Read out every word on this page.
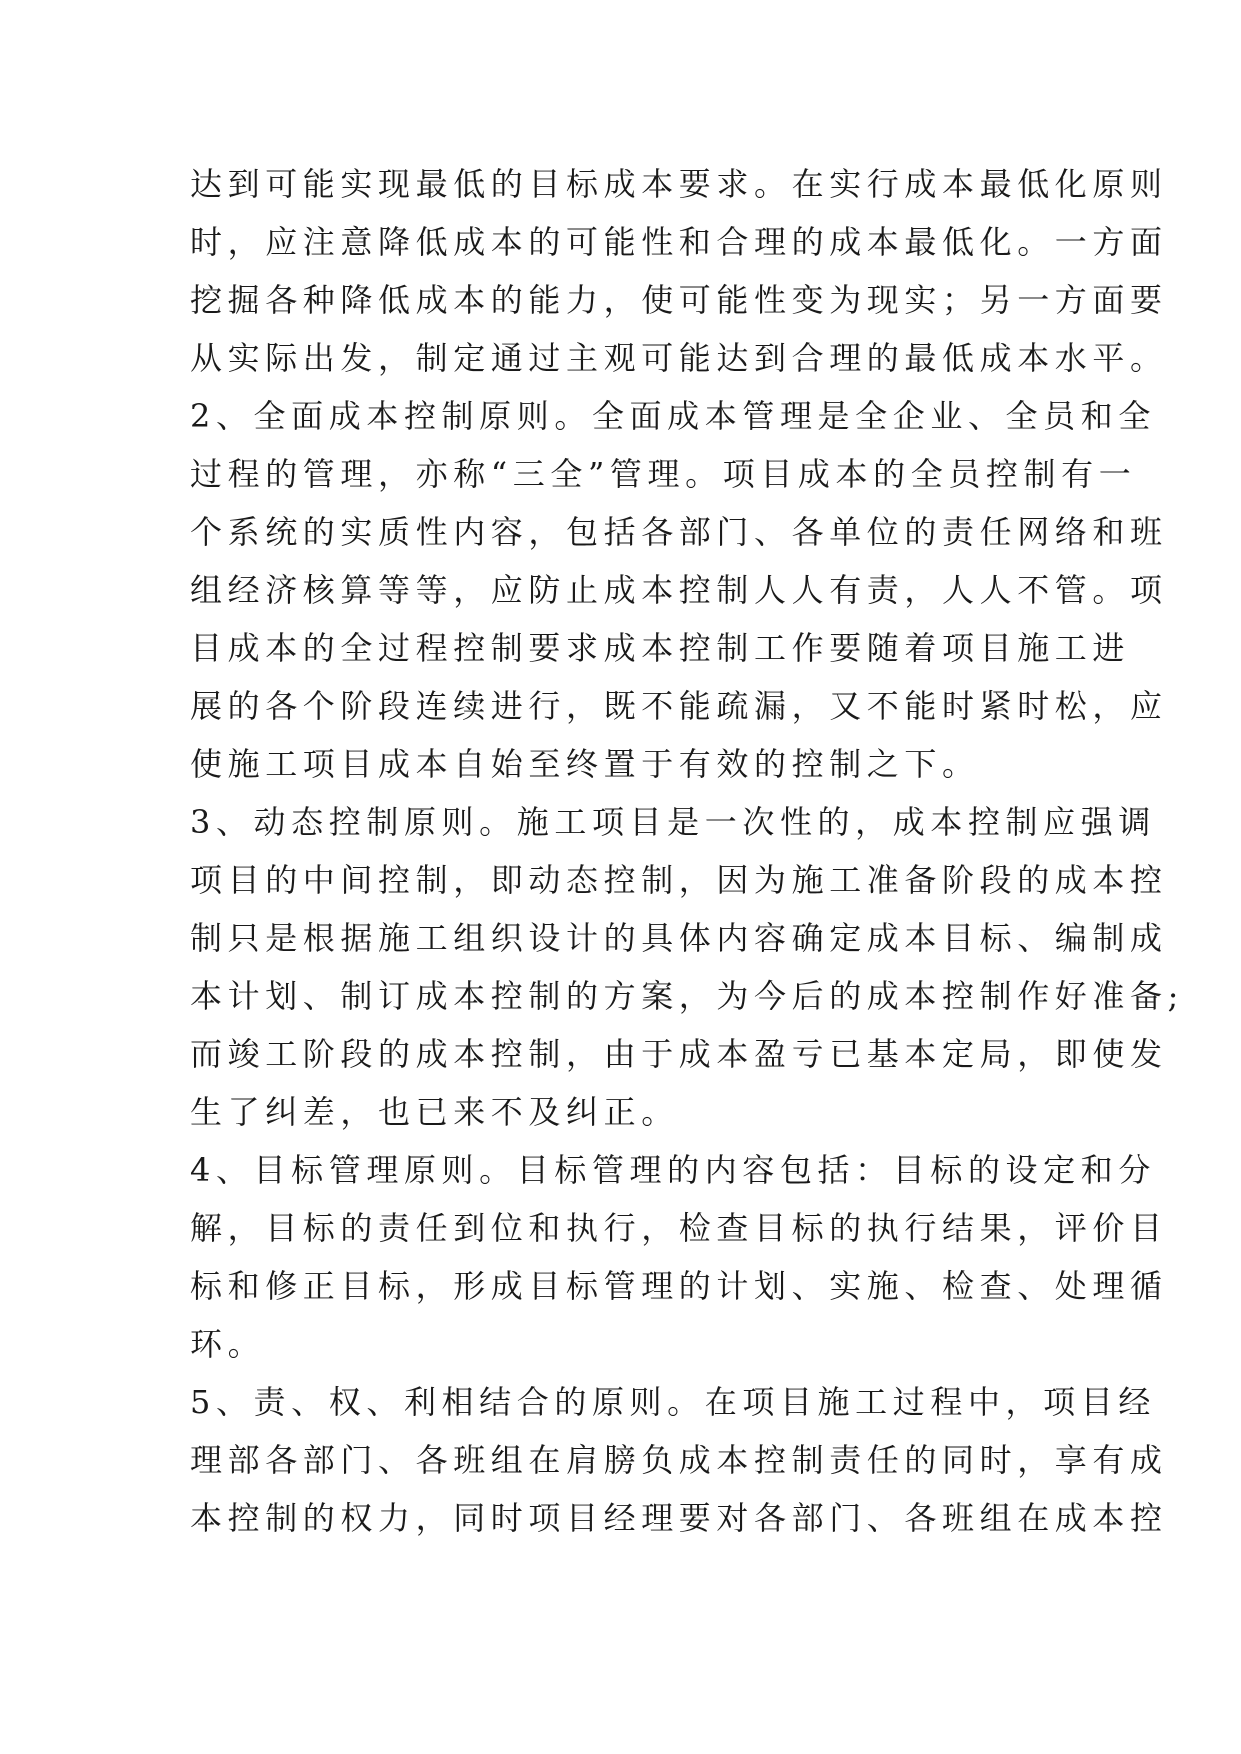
达到可能实现最低的目标成本要求。在实行成本最低化原则
时，应注意降低成本的可能性和合理的成本最低化。一方面
挖掘各种降低成本的能力，使可能性变为现实；另一方面要
从实际出发，制定通过主观可能达到合理的最低成本水平。
2、全面成本控制原则。全面成本管理是全企业、全员和全
过程的管理，亦称“三全”管理。项目成本的全员控制有一
个系统的实质性内容，包括各部门、各单位的责任网络和班
组经济核算等等，应防止成本控制人人有责，人人不管。项
目成本的全过程控制要求成本控制工作要随着项目施工进
展的各个阶段连续进行，既不能疏漏，又不能时紧时松，应
使施工项目成本自始至终置于有效的控制之下。
3、动态控制原则。施工项目是一次性的，成本控制应强调
项目的中间控制，即动态控制，因为施工准备阶段的成本控
制只是根据施工组织设计的具体内容确定成本目标、编制成
本计划、制订成本控制的方案，为今后的成本控制作好准备;
而竣工阶段的成本控制，由于成本盈亏已基本定局，即使发
生了纠差，也已来不及纠正。
4、目标管理原则。目标管理的内容包括：目标的设定和分
解，目标的责任到位和执行，检查目标的执行结果，评价目
标和修正目标，形成目标管理的计划、实施、检查、处理循
环。
5、责、权、利相结合的原则。在项目施工过程中，项目经
理部各部门、各班组在肩膀负成本控制责任的同时，享有成
本控制的权力，同时项目经理要对各部门、各班组在成本控
